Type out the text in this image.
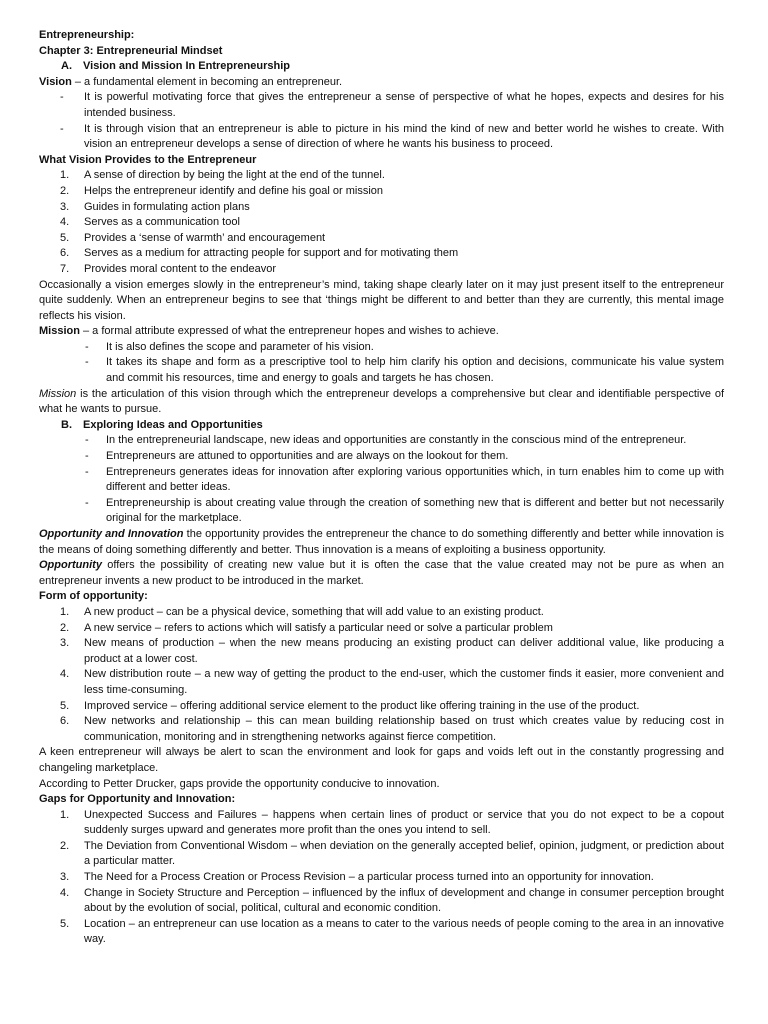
Entrepreneurship:

Chapter 3: Entrepreneurial Mindset

A. Vision and Mission In Entrepreneurship

Vision – a fundamental element in becoming an entrepreneur.

- It is powerful motivating force that gives the entrepreneur a sense of perspective of what he hopes, expects and desires for his intended business.
- It is through vision that an entrepreneur is able to picture in his mind the kind of new and better world he wishes to create. With vision an entrepreneur develops a sense of direction of where he wants his business to proceed.

What Vision Provides to the Entrepreneur

1. A sense of direction by being the light at the end of the tunnel.
2. Helps the entrepreneur identify and define his goal or mission
3. Guides in formulating action plans
4. Serves as a communication tool
5. Provides a ‘sense of warmth’ and encouragement
6. Serves as a medium for attracting people for support and for motivating them
7. Provides moral content to the endeavor

Occasionally a vision emerges slowly in the entrepreneur’s mind, taking shape clearly later on it may just present itself to the entrepreneur quite suddenly. When an entrepreneur begins to see that ‘things might be different to and better than they are currently, this mental image reflects his vision.

Mission – a formal attribute expressed of what the entrepreneur hopes and wishes to achieve.

- It is also defines the scope and parameter of his vision.
- It takes its shape and form as a prescriptive tool to help him clarify his option and decisions, communicate his value system and commit his resources, time and energy to goals and targets he has chosen.

Mission is the articulation of this vision through which the entrepreneur develops a comprehensive but clear and identifiable perspective of what he wants to pursue.

B. Exploring Ideas and Opportunities

- In the entrepreneurial landscape, new ideas and opportunities are constantly in the conscious mind of the entrepreneur.
- Entrepreneurs are attuned to opportunities and are always on the lookout for them.
- Entrepreneurs generates ideas for innovation after exploring various opportunities which, in turn enables him to come up with different and better ideas.
- Entrepreneurship is about creating value through the creation of something new that is different and better but not necessarily original for the marketplace.

Opportunity and Innovation the opportunity provides the entrepreneur the chance to do something differently and better while innovation is the means of doing something differently and better. Thus innovation is a means of exploiting a business opportunity.

Opportunity offers the possibility of creating new value but it is often the case that the value created may not be pure as when an entrepreneur invents a new product to be introduced in the market.

Form of opportunity:

1. A new product – can be a physical device, something that will add value to an existing product.
2. A new service – refers to actions which will satisfy a particular need or solve a particular problem
3. New means of production – when the new means producing an existing product can deliver additional value, like producing a product at a lower cost.
4. New distribution route – a new way of getting the product to the end-user, which the customer finds it easier, more convenient and less time-consuming.
5. Improved service – offering additional service element to the product like offering training in the use of the product.
6. New networks and relationship – this can mean building relationship based on trust which creates value by reducing cost in communication, monitoring and in strengthening networks against fierce competition.

A keen entrepreneur will always be alert to scan the environment and look for gaps and voids left out in the constantly progressing and changeling marketplace.

According to Petter Drucker, gaps provide the opportunity conducive to innovation.

Gaps for Opportunity and Innovation:

1. Unexpected Success and Failures – happens when certain lines of product or service that you do not expect to be a copout suddenly surges upward and generates more profit than the ones you intend to sell.
2. The Deviation from Conventional Wisdom – when deviation on the generally accepted belief, opinion, judgment, or prediction about a particular matter.
3. The Need for a Process Creation or Process Revision – a particular process turned into an opportunity for innovation.
4. Change in Society Structure and Perception – influenced by the influx of development and change in consumer perception brought about by the evolution of social, political, cultural and economic condition.
5. Location – an entrepreneur can use location as a means to cater to the various needs of people coming to the area in an innovative way.
